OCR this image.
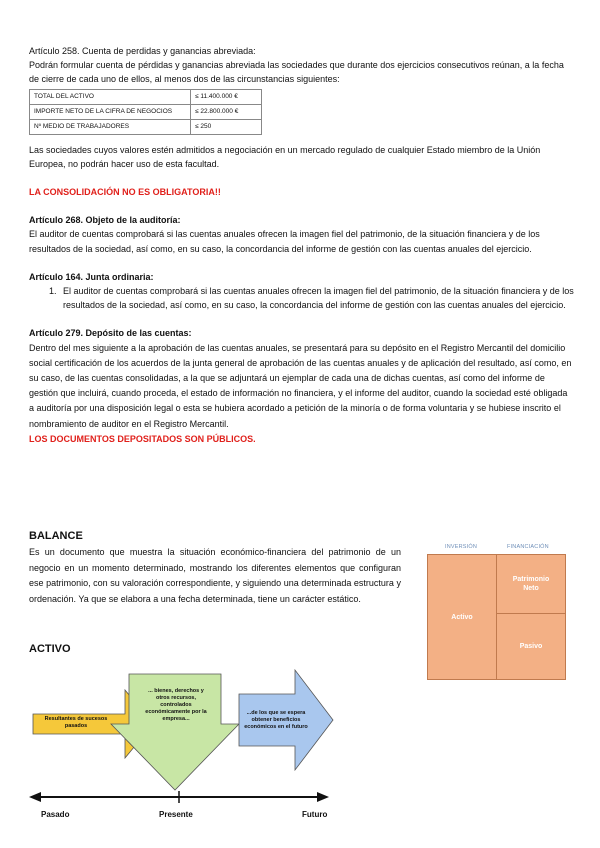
Artículo 258. Cuenta de perdidas y ganancias abreviada:

Podrán formular cuenta de pérdidas y ganancias abreviada las sociedades que durante dos ejercicios consecutivos reúnan, a la fecha de cierre de cada uno de ellos, al menos dos de las circunstancias siguientes:

TOTAL DEL ACTIVO	≤ 11.400.000 €
IMPORTE NETO DE LA CIFRA DE NEGOCIOS	≤ 22.800.000 €
Nº MEDIO DE TRABAJADORES	≤ 250

Las sociedades cuyos valores estén admitidos a negociación en un mercado regulado de cualquier Estado miembro de la Unión Europea, no podrán hacer uso de esta facultad.

LA CONSOLIDACIÓN NO ES OBLIGATORIA!!

Artículo 268. Objeto de la auditoría:

El auditor de cuentas comprobará si las cuentas anuales ofrecen la imagen fiel del patrimonio, de la situación financiera y de los resultados de la sociedad, así como, en su caso, la concordancia del informe de gestión con las cuentas anuales del ejercicio.

Artículo 164. Junta ordinaria:

1. El auditor de cuentas comprobará si las cuentas anuales ofrecen la imagen fiel del patrimonio, de la situación financiera y de los resultados de la sociedad, así como, en su caso, la concordancia del informe de gestión con las cuentas anuales del ejercicio.

Artículo 279. Depósito de las cuentas:

Dentro del mes siguiente a la aprobación de las cuentas anuales, se presentará para su depósito en el Registro Mercantil del domicilio social certificación de los acuerdos de la junta general de aprobación de las cuentas anuales y de aplicación del resultado, así como, en su caso, de las cuentas consolidadas, a la que se adjuntará un ejemplar de cada una de dichas cuentas, así como del informe de gestión que incluirá, cuando proceda, el estado de información no financiera, y el informe del auditor, cuando la sociedad esté obligada a auditoría por una disposición legal o esta se hubiera acordado a petición de la minoría o de forma voluntaria y se hubiese inscrito el nombramiento de auditor en el Registro Mercantil.

LOS DOCUMENTOS DEPOSITADOS SON PÚBLICOS.

BALANCE
Es un documento que muestra la situación económico-financiera del patrimonio de un negocio en un momento determinado, mostrando los diferentes elementos que configuran ese patrimonio, con su valoración correspondiente, y siguiendo una determinada estructura y ordenación. Ya que se elabora a una fecha determinada, tiene un carácter estático.
INVERSIÓN	FINANCIACIÓN
Activo
Patrimonio Neto
Pasivo
ACTIVO
Resultantes de sucesos pasados
... bienes, derechos y otros recursos, controlados económicamente por la empresa...
...de los que se espera obtener beneficios económicos en el futuro
Pasado	Presente	Futuro
